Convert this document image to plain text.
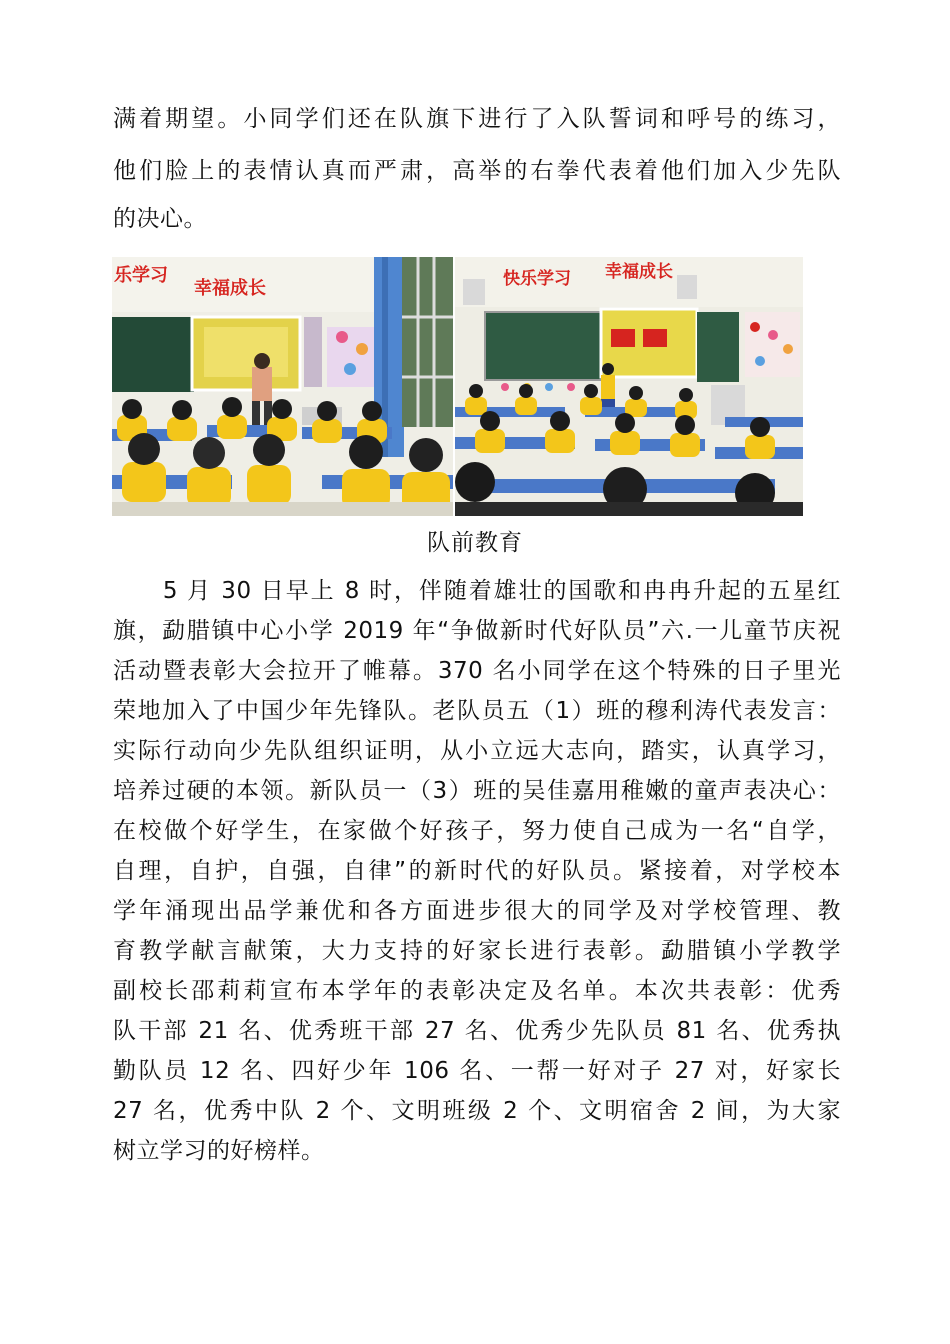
满着期望。小同学们还在队旗下进行了入队誓词和呼号的练习，
他们脸上的表情认真而严肃，高举的右拳代表着他们加入少先队
的决心。
乐学习
幸福成长	快乐学习 幸福成长
队前教育
　　5 月 30 日早上 8 时，伴随着雄壮的国歌和冉冉升起的五星红
旗，勐腊镇中心小学 2019 年“争做新时代好队员”六.一儿童节庆祝
活动暨表彰大会拉开了帷幕。370 名小同学在这个特殊的日子里光
荣地加入了中国少年先锋队。老队员五（1）班的穆利涛代表发言：
实际行动向少先队组织证明，从小立远大志向，踏实，认真学习，
培养过硬的本领。新队员一（3）班的吴佳嘉用稚嫩的童声表决心：
在校做个好学生，在家做个好孩子，努力使自己成为一名“自学，
自理，自护，自强，自律”的新时代的好队员。紧接着，对学校本
学年涌现出品学兼优和各方面进步很大的同学及对学校管理、教
育教学献言献策，大力支持的好家长进行表彰。勐腊镇小学教学
副校长邵莉莉宣布本学年的表彰决定及名单。本次共表彰：优秀
队干部 21 名、优秀班干部 27 名、优秀少先队员 81 名、优秀执
勤队员 12 名、四好少年 106 名、一帮一好对子 27 对，好家长
27 名，优秀中队 2 个、文明班级 2 个、文明宿舍 2 间，为大家
树立学习的好榜样。
